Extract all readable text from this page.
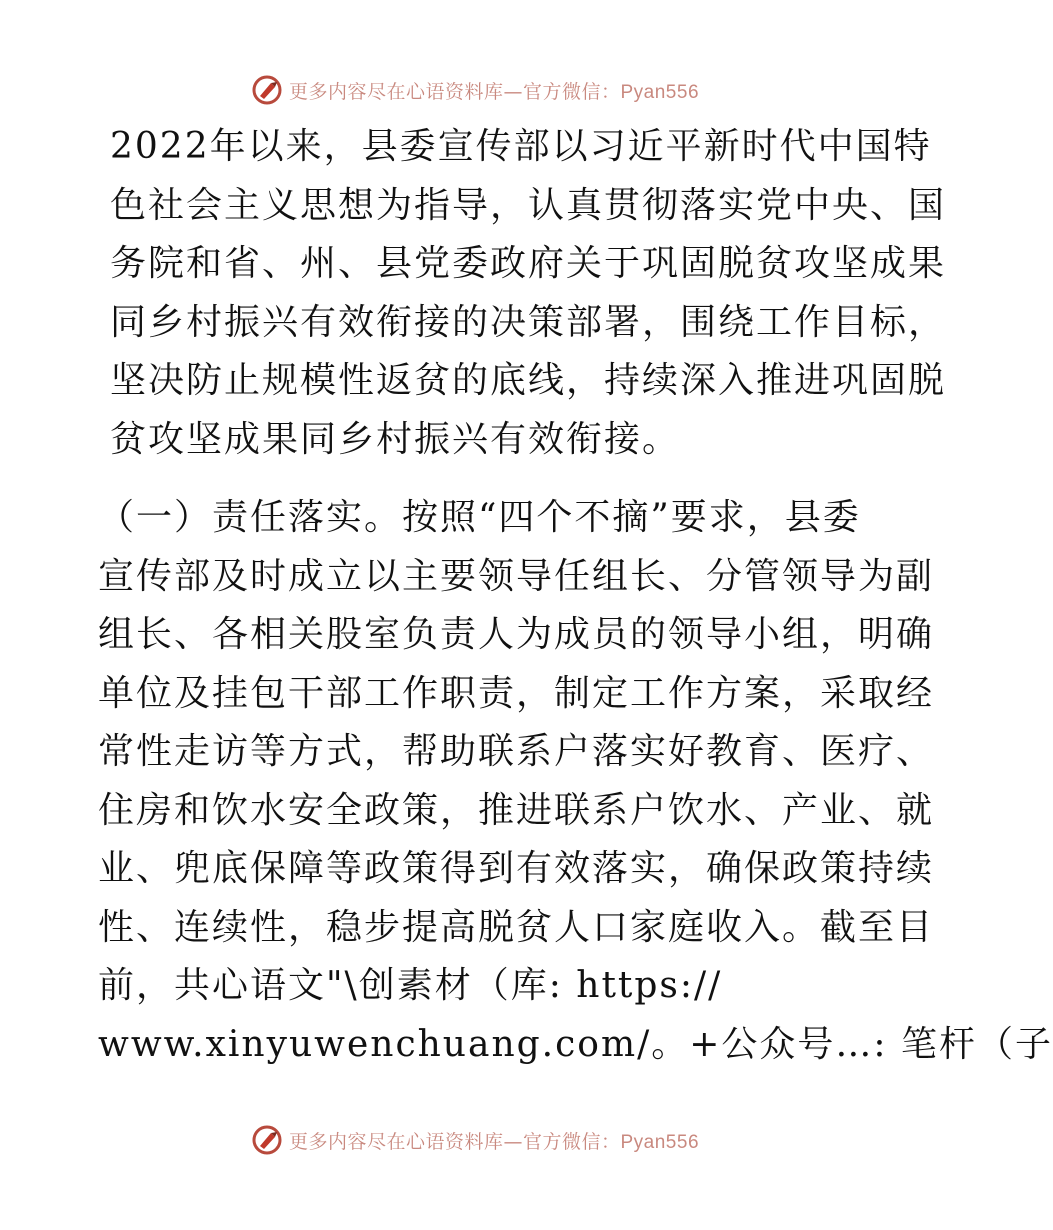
更多内容尽在心语资料库—官方微信：Pyan556

2022年以来，县委宣传部以习近平新时代中国特
色社会主义思想为指导，认真贯彻落实党中央、国
务院和省、州、县党委政府关于巩固脱贫攻坚成果
同乡村振兴有效衔接的决策部署，围绕工作目标，
坚决防止规模性返贫的底线，持续深入推进巩固脱
贫攻坚成果同乡村振兴有效衔接。

（一）责任落实。按照“四个不摘”要求，县委
宣传部及时成立以主要领导任组长、分管领导为副
组长、各相关股室负责人为成员的领导小组，明确
单位及挂包干部工作职责，制定工作方案，采取经
常性走访等方式，帮助联系户落实好教育、医疗、
住房和饮水安全政策，推进联系户饮水、产业、就
业、兜底保障等政策得到有效落实，确保政策持续
性、连续性，稳步提高脱贫人口家庭收入。截至目
前，共心语文"\创素材（库: https://
www.xinyuwenchuang.com/。+公众号…: 笔杆（子

更多内容尽在心语资料库—官方微信：Pyan556
